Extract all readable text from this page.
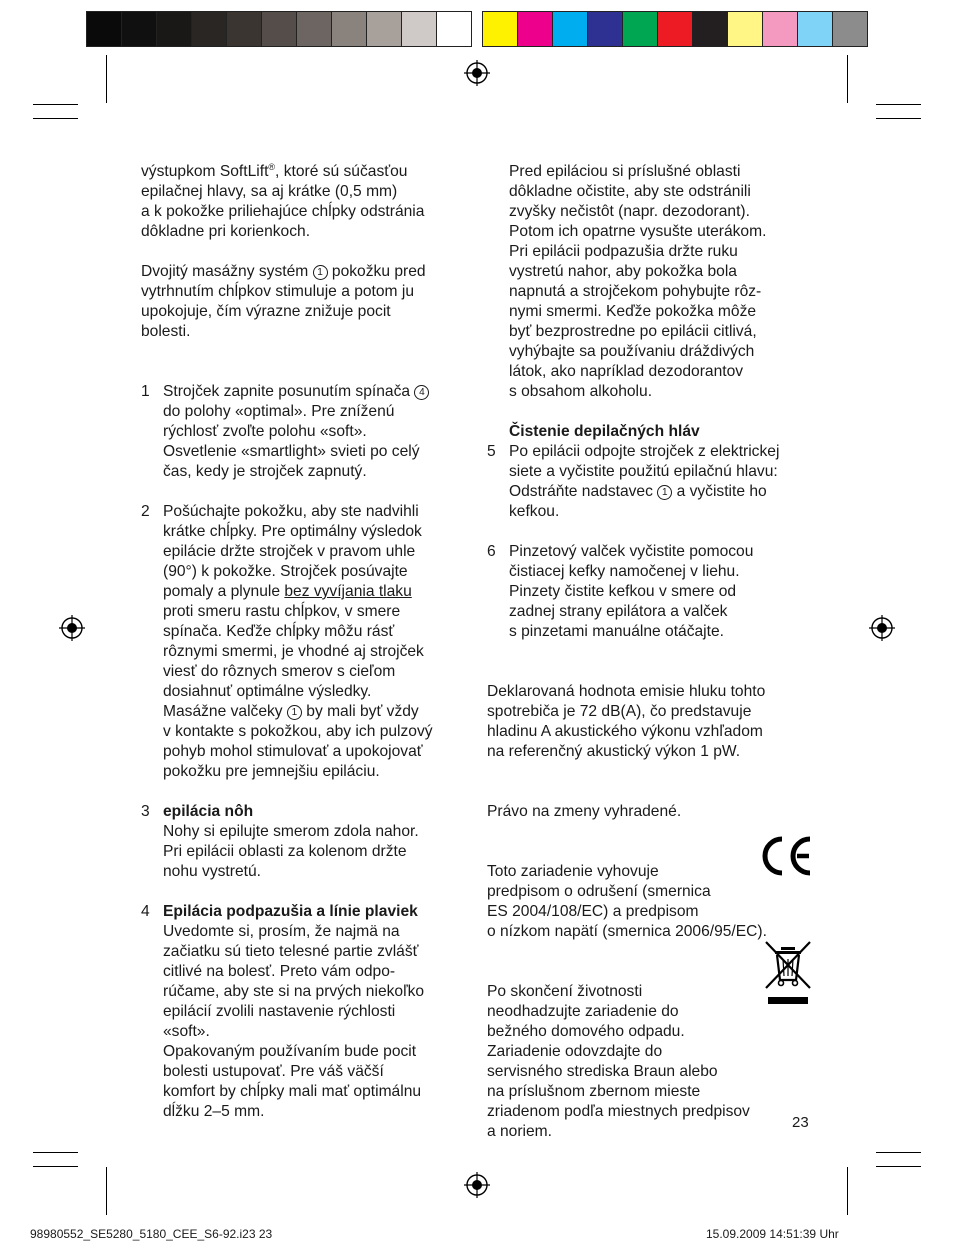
výstupkom SoftLift®, ktoré sú súčasťou
epilačnej hlavy, sa aj krátke (0,5 mm)
a k pokožke priliehajúce chĺpky odstránia
dôkladne pri korienkoch.

Dvojitý masážny systém 1 pokožku pred
vytrhnutím chĺpkov stimuluje a potom ju
upokojuje, čím výrazne znižuje pocit
bolesti.

1 Strojček zapnite posunutím spínača 4
do polohy «optimal». Pre zníženú
rýchlosť zvoľte polohu «soft».
Osvetlenie «smartlight» svieti po celý
čas, kedy je strojček zapnutý.
2 Pošúchajte pokožku, aby ste nadvihli
krátke chĺpky. Pre optimálny výsledok
epilácie držte strojček v pravom uhle
(90°) k pokožke. Strojček posúvajte
pomaly a plynule bez vyvíjania tlaku
proti smeru rastu chĺpkov, v smere
spínača. Keďže chĺpky môžu rásť
rôznymi smermi, je vhodné aj strojček
viesť do rôznych smerov s cieľom
dosiahnuť optimálne výsledky.
Masážne valčeky 1 by mali byť vždy
v kontakte s pokožkou, aby ich pulzový
pohyb mohol stimulovať a upokojovať
pokožku pre jemnejšiu epiláciu.
3 epilácia nôh
Nohy si epilujte smerom zdola nahor.
Pri epilácii oblasti za kolenom držte
nohu vystretú.
4 Epilácia podpazušia a línie plaviek
Uvedomte si, prosím, že najmä na
začiatku sú tieto telesné partie zvlášť
citlivé na bolesť. Preto vám odpo-
rúčame, aby ste si na prvých niekoľko
epilácií zvolili nastavenie rýchlosti
«soft».
Opakovaným používaním bude pocit
bolesti ustupovať. Pre váš väčší
komfort by chĺpky mali mať optimálnu
dĺžku 2–5 mm.
Pred epiláciou si príslušné oblasti
dôkladne očistite, aby ste odstránili
zvyšky nečistôt (napr. dezodorant).
Potom ich opatrne vysušte uterákom.
Pri epilácii podpazušia držte ruku
vystretú nahor, aby pokožka bola
napnutá a strojčekom pohybujte rôz-
nymi smermi. Keďže pokožka môže
byť bezprostredne po epilácii citlivá,
vyhýbajte sa používaniu dráždivých
látok, ako napríklad dezodorantov
s obsahom alkoholu.
Čistenie depilačných hláv
5 Po epilácii odpojte strojček z elektrickej
siete a vyčistite použitú epilačnú hlavu:
Odstráňte nadstavec 1 a vyčistite ho
kefkou.
6 Pinzetový valček vyčistite pomocou
čistiacej kefky namočenej v liehu.
Pinzety čistite kefkou v smere od
zadnej strany epilátora a valček
s pinzetami manuálne otáčajte.

Deklarovaná hodnota emisie hluku tohto
spotrebiča je 72 dB(A), čo predstavuje
hladinu A akustického výkonu vzhľadom
na referenčný akustický výkon 1 pW.

Právo na zmeny vyhradené.

Toto zariadenie vyhovuje
predpisom o odrušení (smernica
ES 2004/108/EC) a predpisom
o nízkom napätí (smernica 2006/95/EC).

Po skončení životnosti
neodhadzujte zariadenie do
bežného domového odpadu.
Zariadenie odovzdajte do
servisného strediska Braun alebo
na príslušnom zbernom mieste
zriadenom podľa miestnych predpisov
a noriem.

23
98980552_SE5280_5180_CEE_S6-92.i23 23	15.09.2009 14:51:39 Uhr
